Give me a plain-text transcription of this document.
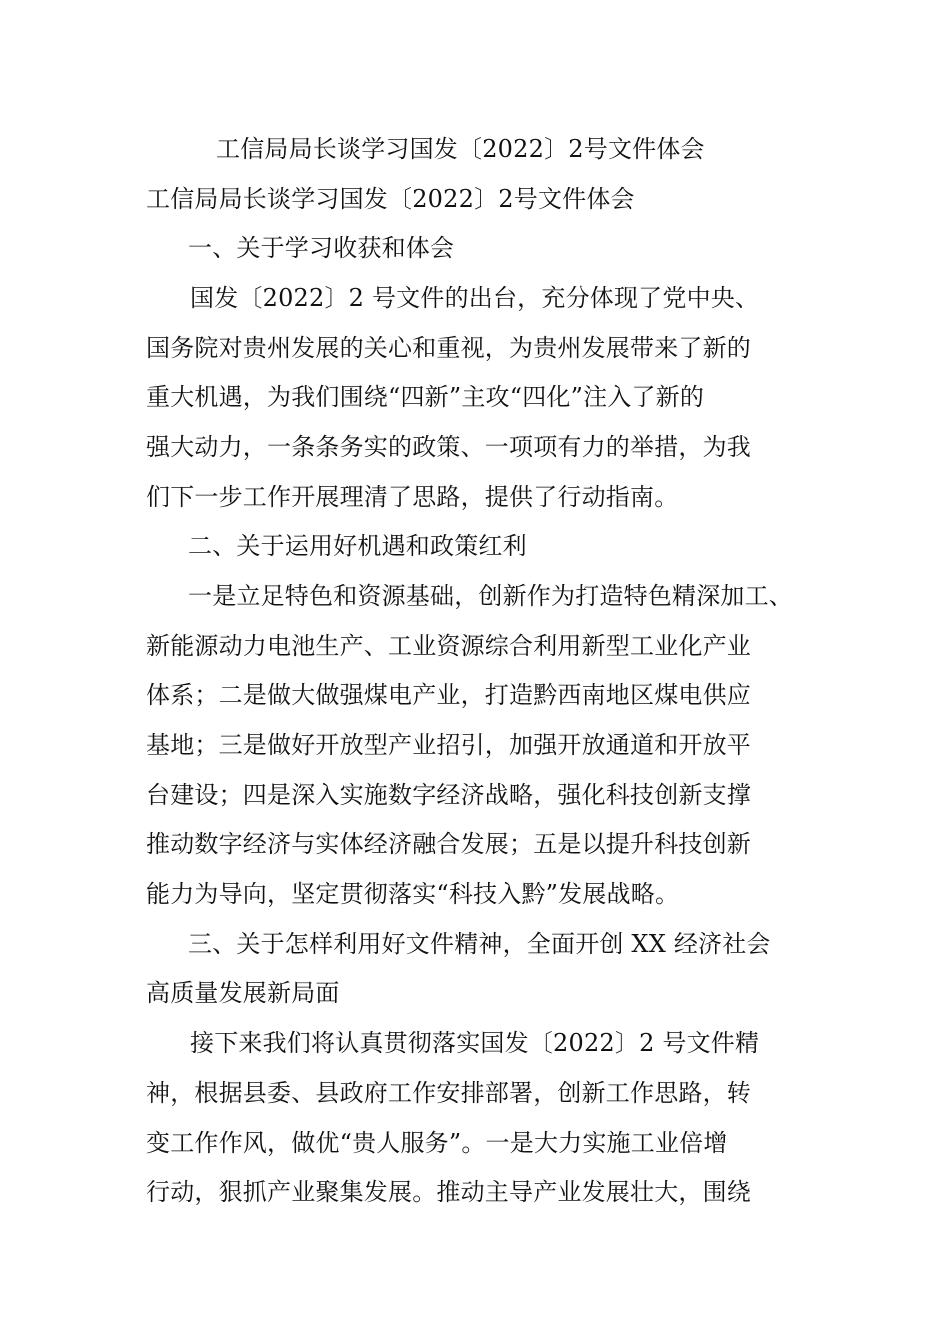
工信局局长谈学习国发〔2022〕2号文件体会
工信局局长谈学习国发〔2022〕2号文件体会
一、关于学习收获和体会
国发〔2022〕2 号文件的出台，充分体现了党中央、
国务院对贵州发展的关心和重视，为贵州发展带来了新的
重大机遇，为我们围绕“四新”主攻“四化”注入了新的
强大动力，一条条务实的政策、一项项有力的举措，为我
们下一步工作开展理清了思路，提供了行动指南。
二、关于运用好机遇和政策红利
一是立足特色和资源基础，创新作为打造特色精深加工、
新能源动力电池生产、工业资源综合利用新型工业化产业
体系；二是做大做强煤电产业，打造黔西南地区煤电供应
基地；三是做好开放型产业招引，加强开放通道和开放平
台建设；四是深入实施数字经济战略，强化科技创新支撑
推动数字经济与实体经济融合发展；五是以提升科技创新
能力为导向，坚定贯彻落实“科技入黔”发展战略。
三、关于怎样利用好文件精神，全面开创 XX 经济社会
高质量发展新局面
接下来我们将认真贯彻落实国发〔2022〕2 号文件精
神，根据县委、县政府工作安排部署，创新工作思路，转
变工作作风，做优“贵人服务”。一是大力实施工业倍增
行动，狠抓产业聚集发展。推动主导产业发展壮大，围绕
